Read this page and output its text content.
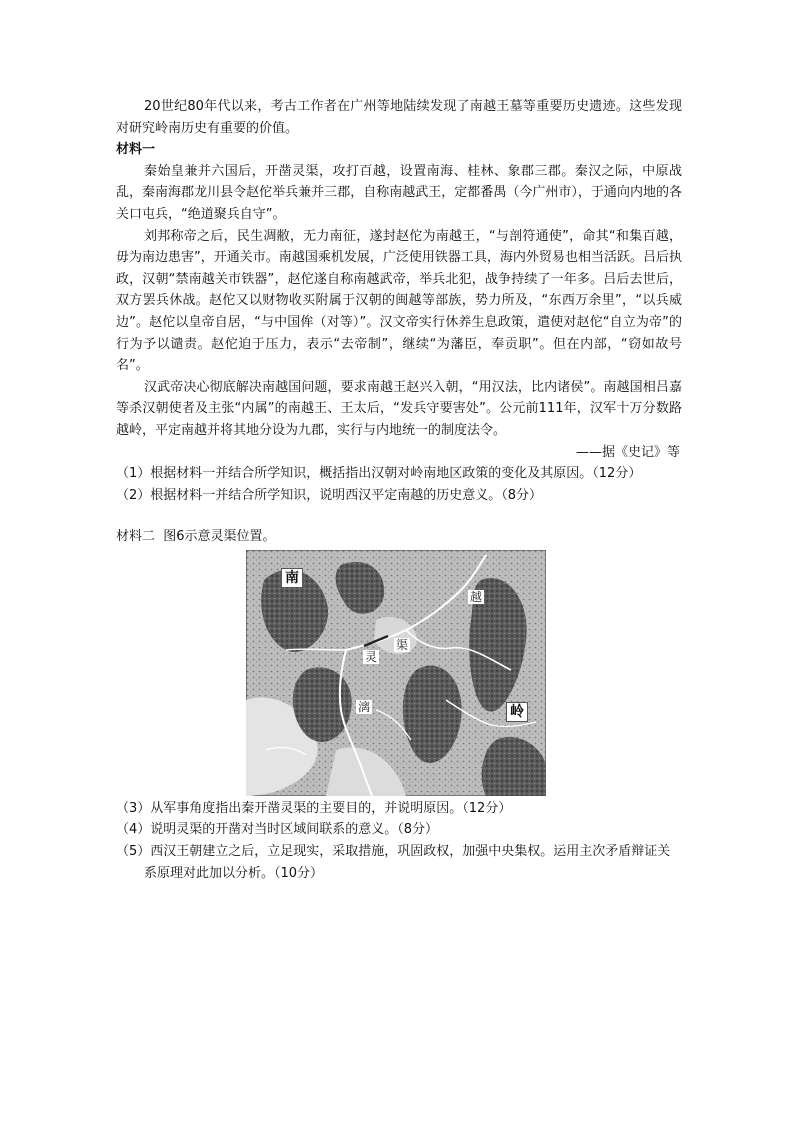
20世纪80年代以来，考古工作者在广州等地陆续发现了南越王墓等重要历史遗迹。这些发现对研究岭南历史有重要的价值。

材料一

秦始皇兼并六国后，开凿灵渠，攻打百越，设置南海、桂林、象郡三郡。秦汉之际，中原战乱，秦南海郡龙川县令赵佗举兵兼并三郡，自称南越武王，定都番禺（今广州市），于通向内地的各关口屯兵，“绝道聚兵自守”。

刘邦称帝之后，民生凋敝，无力南征，遂封赵佗为南越王，“与剖符通使”，命其“和集百越，毋为南边患害”，开通关市。南越国乘机发展，广泛使用铁器工具，海内外贸易也相当活跃。吕后执政，汉朝“禁南越关市铁器”，赵佗遂自称南越武帝，举兵北犯，战争持续了一年多。吕后去世后，双方罢兵休战。赵佗又以财物收买附属于汉朝的闽越等部族，势力所及，“东西万余里”，“以兵威边”。赵佗以皇帝自居，“与中国侔（对等）”。汉文帝实行休养生息政策，遣使对赵佗“自立为帝”的行为予以谴责。赵佗迫于压力，表示“去帝制”，继续“为藩臣，奉贡职”。但在内部，“窃如故号名”。

汉武帝决心彻底解决南越国问题，要求南越王赵兴入朝，“用汉法，比内诸侯”。南越国相吕嘉等杀汉朝使者及主张“内属”的南越王、王太后，“发兵守要害处”。公元前111年，汉军十万分数路越岭，平定南越并将其地分设为九郡，实行与内地统一的制度法令。

——据《史记》等

（1）根据材料一并结合所学知识，概括指出汉朝对岭南地区政策的变化及其原因。（12分）

（2）根据材料一并结合所学知识，说明西汉平定南越的历史意义。（8分）

材料二 图6示意灵渠位置。

南
灵
渠
越
岭
漓

（3）从军事角度指出秦开凿灵渠的主要目的，并说明原因。（12分）

（4）说明灵渠的开凿对当时区域间联系的意义。（8分）

（5）西汉王朝建立之后，立足现实，采取措施，巩固政权，加强中央集权。运用主次矛盾辩证关系原理对此加以分析。（10分）
